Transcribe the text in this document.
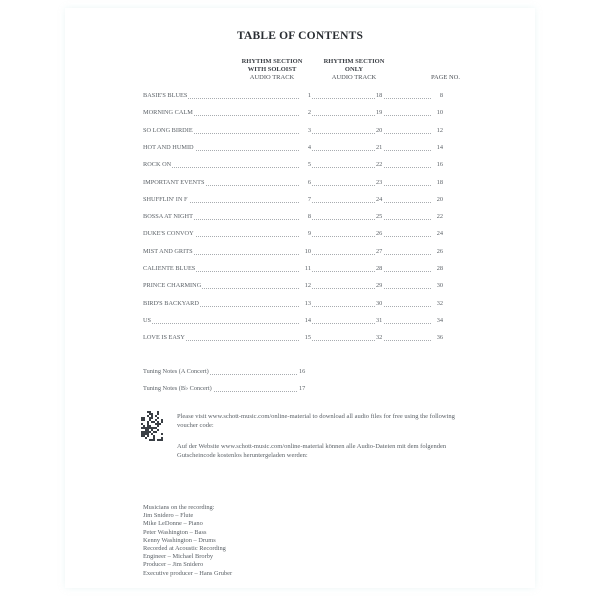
TABLE OF CONTENTS
RHYTHM SECTION
WITH SOLOIST
AUDIO TRACK
RHYTHM SECTION
ONLY
AUDIO TRACK

	PAGE NO.
BASIE'S BLUES	1	18	8
MORNING CALM	2	19	10
SO LONG BIRDIE	3	20	12
HOT AND HUMID	4	21	14
ROCK ON	5	22	16
IMPORTANT EVENTS	6	23	18
SHUFFLIN' IN F	7	24	20
BOSSA AT NIGHT	8	25	22
DUKE'S CONVOY	9	26	24
MIST AND GRITS	10	27	26
CALIENTE BLUES	11	28	28
PRINCE CHARMING	12	29	30
BIRD'S BACKYARD	13	30	32
US	14	31	34
LOVE IS EASY	15	32	36
Tuning Notes (A Concert)	16
Tuning Notes (B♭ Concert)	17
Please visit www.schott-music.com/online-material to download all audio files for free using the following voucher code:
Auf der Website www.schott-music.com/online-material können alle Audio-Dateien mit dem folgenden Gutscheincode kostenlos heruntergeladen werden:
Musicians on the recording:
Jim Snidero – Flute
Mike LeDonne – Piano
Peter Washington – Bass
Kenny Washington – Drums
Recorded at Acoustic Recording
Engineer – Michael Brorby
Producer – Jim Snidero
Executive producer – Hans Gruber
